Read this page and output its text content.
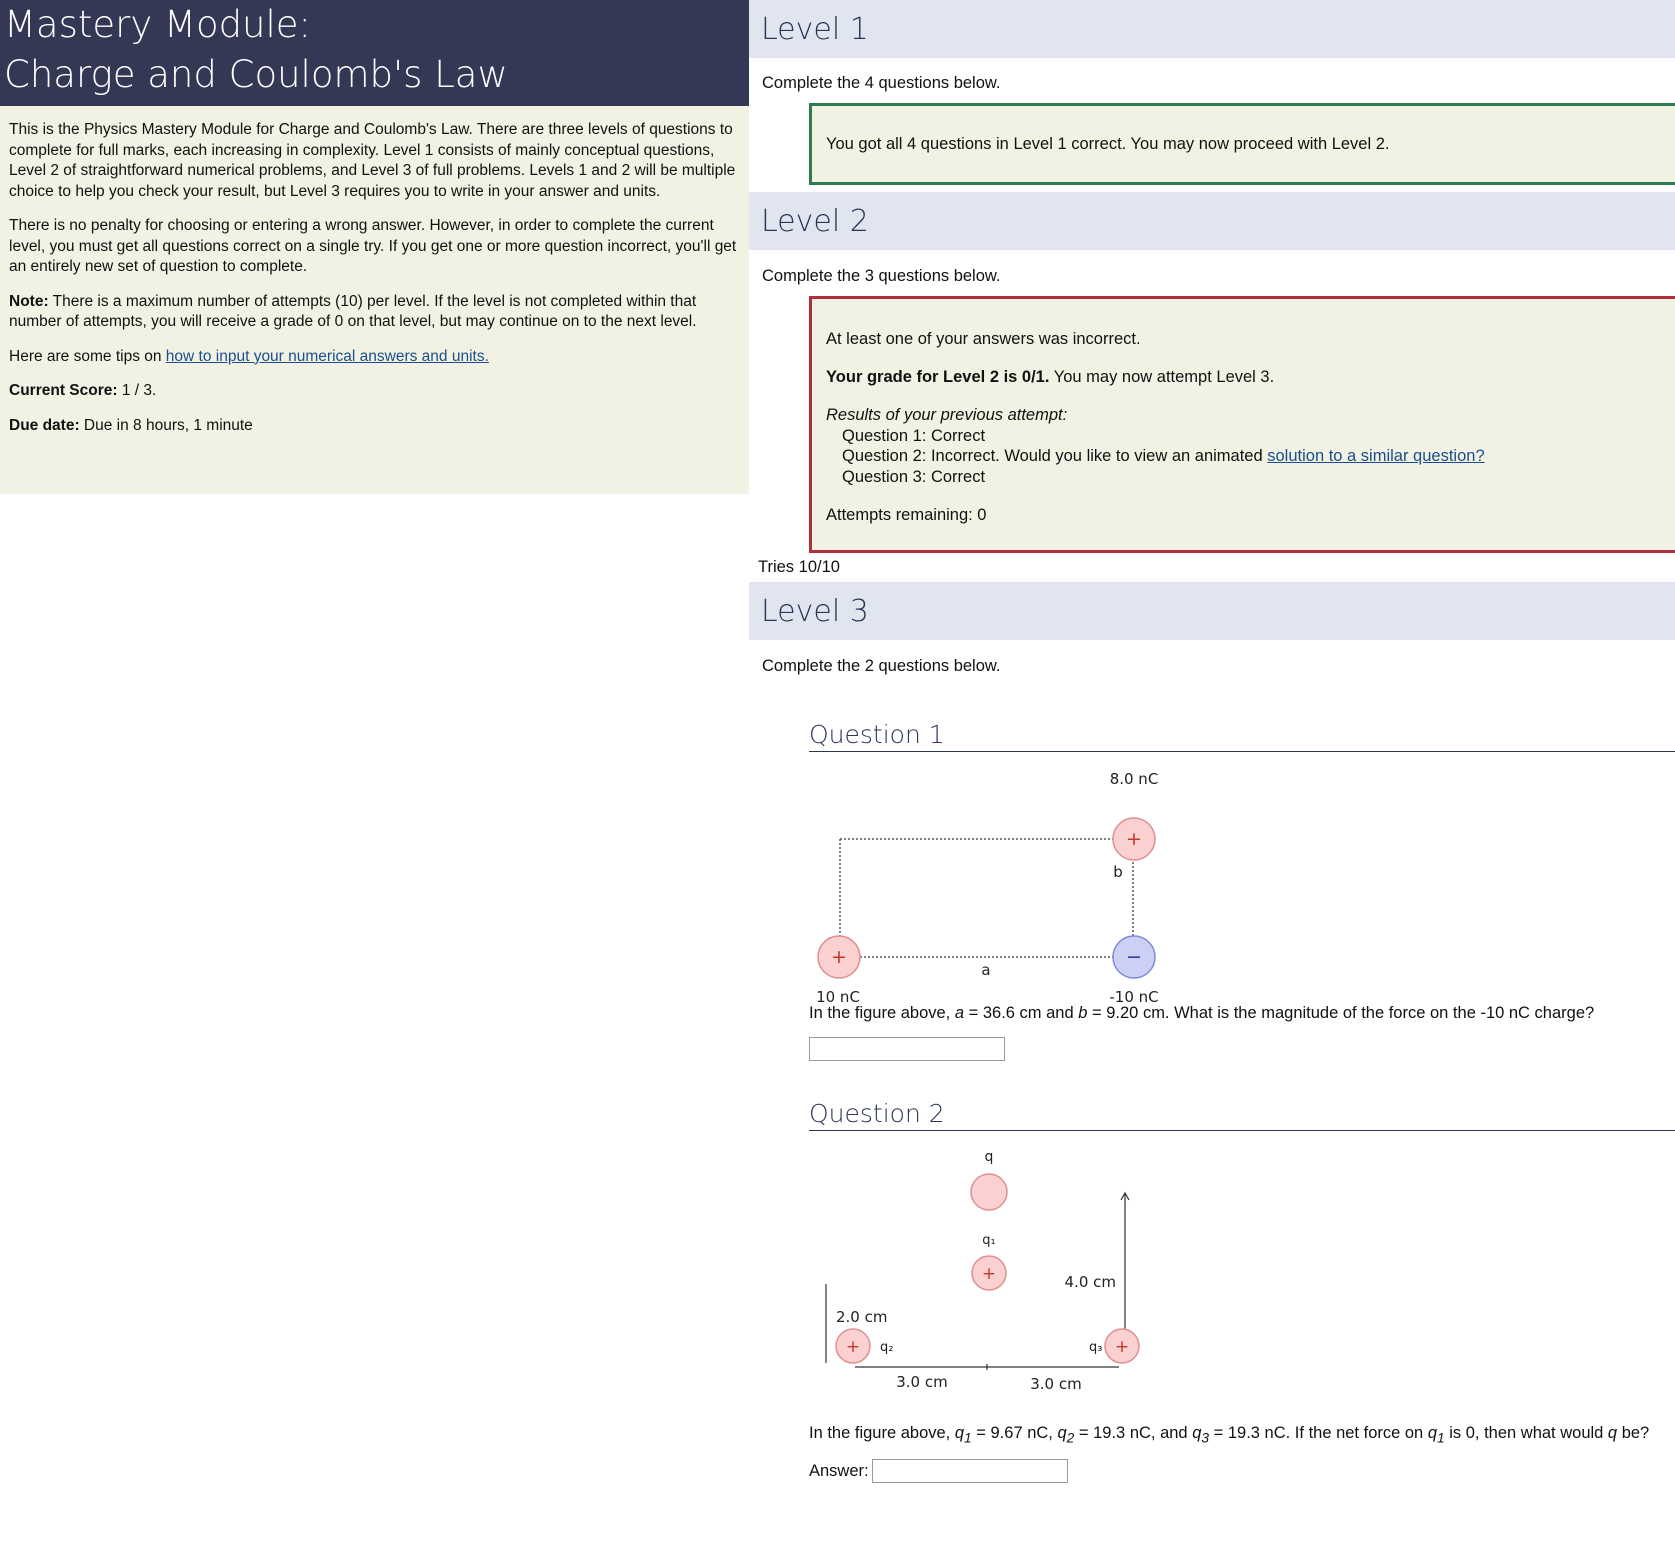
Mastery Module:
Charge and Coulomb's Law

This is the Physics Mastery Module for Charge and Coulomb's Law. There are three levels of questions to complete for full marks, each increasing in complexity. Level 1 consists of mainly conceptual questions, Level 2 of straightforward numerical problems, and Level 3 of full problems. Levels 1 and 2 will be multiple choice to help you check your result, but Level 3 requires you to write in your answer and units.

There is no penalty for choosing or entering a wrong answer. However, in order to complete the current level, you must get all questions correct on a single try. If you get one or more question incorrect, you'll get an entirely new set of question to complete.

Note: There is a maximum number of attempts (10) per level. If the level is not completed within that number of attempts, you will receive a grade of 0 on that level, but may continue on to the next level.

Here are some tips on how to input your numerical answers and units.

Current Score: 1 / 3.

Due date: Due in 8 hours, 1 minute

Level 1
Complete the 4 questions below.
You got all 4 questions in Level 1 correct. You may now proceed with Level 2.
Level 2
Complete the 3 questions below.

At least one of your answers was incorrect.

Your grade for Level 2 is 0/1. You may now attempt Level 3.

Results of your previous attempt:
Question 1: Correct
Question 2: Incorrect. Would you like to view an animated solution to a similar question?
Question 3: Correct

Attempts remaining: 0

Tries 10/10
Level 3
Complete the 2 questions below.
Question 1
8.0 nC
+
b
+	−
a
10 nC	-10 nC
In the figure above, a = 36.6 cm and b = 9.20 cm. What is the magnitude of the force on the -10 nC charge?
Question 2
q
q₁
+	4.0 cm
2.0 cm
+ q₂	+
q₃
3.0 cm	3.0 cm
In the figure above, $q_1 = 9.67$ nC, $q_2 = 19.3$ nC, and $q_3 = 19.3$ nC. If the net force on $q_1$ is 0, then what would q be?
Answer:
